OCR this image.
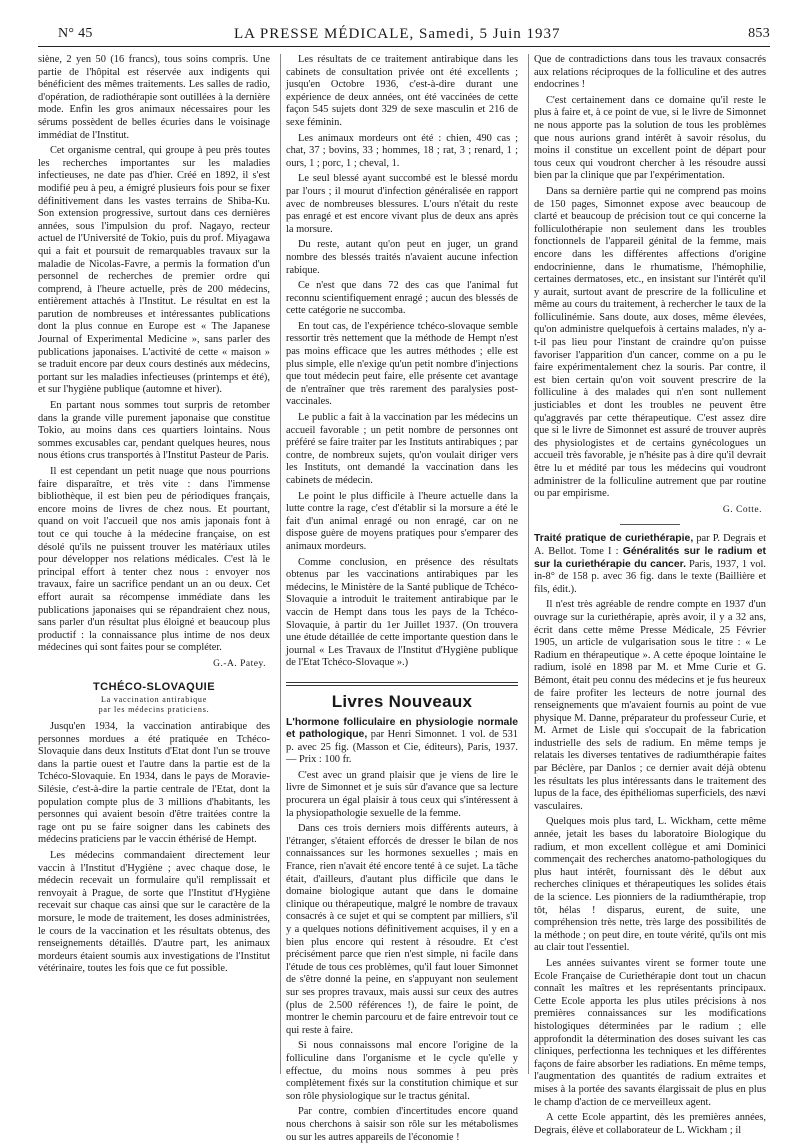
N° 45	LA PRESSE MÉDICALE, Samedi, 5 Juin 1937	853

siène, 2 yen 50 (16 francs), tous soins compris. Une partie de l'hôpital est réservée aux indigents qui bénéficient des mêmes traitements. Les salles de radio, d'opération, de radiothérapie sont outillées à la dernière mode. Enfin les gros animaux nécessaires pour les sérums possèdent de belles écuries dans le voisinage immédiat de l'Institut.

Cet organisme central, qui groupe à peu près toutes les recherches importantes sur les maladies infectieuses, ne date pas d'hier. Créé en 1892, il s'est modifié peu à peu, a émigré plusieurs fois pour se fixer définitivement dans les vastes terrains de Shiba-Ku. Son extension progressive, surtout dans ces dernières années, sous l'impulsion du prof. Nagayo, recteur actuel de l'Université de Tokio, puis du prof. Miyagawa qui a fait et poursuit de remarquables travaux sur la maladie de Nicolas-Favre, a permis la formation d'un personnel de recherches de premier ordre qui comprend, à l'heure actuelle, près de 200 médecins, entièrement attachés à l'Institut. Le résultat en est la parution de nombreuses et intéressantes publications dont la plus connue en Europe est « The Japanese Journal of Experimental Medicine », sans parler des publications japonaises. L'activité de cette « maison » se traduit encore par deux cours destinés aux médecins, portant sur les maladies infectieuses (printemps et été), et sur l'hygiène publique (automne et hiver).

En partant nous sommes tout surpris de retomber dans la grande ville purement japonaise que constitue Tokio, au moins dans ces quartiers lointains. Nous sommes excusables car, pendant quelques heures, nous nous étions crus transportés à l'Institut Pasteur de Paris.

Il est cependant un petit nuage que nous pourrions faire disparaître, et très vite : dans l'immense bibliothèque, il est bien peu de périodiques français, encore moins de livres de chez nous. Et pourtant, quand on voit l'accueil que nos amis japonais font à tout ce qui touche à la médecine française, on est désolé qu'ils ne puissent trouver les matériaux utiles pour développer nos relations médicales. C'est là le principal effort à tenter chez nous : envoyer nos travaux, faire un sacrifice pendant un an ou deux. Cet effort aurait sa récompense immédiate dans les publications japonaises qui se répandraient chez nous, sans parler d'un résultat plus éloigné et beaucoup plus productif : la connaissance plus intime de nos deux médecines qui sont faites pour se compléter.

G.-A. Patey.
TCHÉCO-SLOVAQUIE
La vaccination antirabique
par les médecins praticiens.

Jusqu'en 1934, la vaccination antirabique des personnes mordues a été pratiquée en Tchéco-Slovaquie dans deux Instituts d'Etat dont l'un se trouve dans la partie ouest et l'autre dans la partie est de la Tchéco-Slovaquie. En 1934, dans le pays de Moravie-Silésie, c'est-à-dire la partie centrale de l'Etat, dont la population compte plus de 3 millions d'habitants, les personnes qui avaient besoin d'être traitées contre la rage ont pu se faire soigner dans les cabinets des médecins praticiens par le vaccin éthérisé de Hempt.

Les médecins commandaient directement leur vaccin à l'Institut d'Hygiène ; avec chaque dose, le médecin recevait un formulaire qu'il remplissait et renvoyait à Prague, de sorte que l'Institut d'Hygiène recevait sur chaque cas ainsi que sur le caractère de la morsure, le mode de traitement, les doses administrées, le cours de la vaccination et les résultats obtenus, des renseignements détaillés. D'autre part, les animaux mordeurs étaient soumis aux investigations de l'Institut vétérinaire, toutes les fois que ce fut possible.

Les résultats de ce traitement antirabique dans les cabinets de consultation privée ont été excellents ; jusqu'en Octobre 1936, c'est-à-dire durant une expérience de deux années, ont été vaccinées de cette façon 545 sujets dont 329 de sexe masculin et 216 de sexe féminin.

Les animaux mordeurs ont été : chien, 490 cas ; chat, 37 ; bovins, 33 ; hommes, 18 ; rat, 3 ; renard, 1 ; ours, 1 ; porc, 1 ; cheval, 1.

Le seul blessé ayant succombé est le blessé mordu par l'ours ; il mourut d'infection généralisée en rapport avec de nombreuses blessures. L'ours n'était du reste pas enragé et est encore vivant plus de deux ans après la morsure.

Du reste, autant qu'on peut en juger, un grand nombre des blessés traités n'avaient aucune infection rabique.

Ce n'est que dans 72 des cas que l'animal fut reconnu scientifiquement enragé ; aucun des blessés de cette catégorie ne succomba.

En tout cas, de l'expérience tchéco-slovaque semble ressortir très nettement que la méthode de Hempt n'est pas moins efficace que les autres méthodes ; elle est plus simple, elle n'exige qu'un petit nombre d'injections que tout médecin peut faire, elle présente cet avantage de n'entraîner que très rarement des paralysies post-vaccinales.

Le public a fait à la vaccination par les médecins un accueil favorable ; un petit nombre de personnes ont préféré se faire traiter par les Instituts antirabiques ; par contre, de nombreux sujets, qu'on voulait diriger vers les Instituts, ont demandé la vaccination dans les cabinets de médecin.

Le point le plus difficile à l'heure actuelle dans la lutte contre la rage, c'est d'établir si la morsure a été le fait d'un animal enragé ou non enragé, car on ne dispose guère de moyens pratiques pour s'emparer des animaux mordeurs.

Comme conclusion, en présence des résultats obtenus par les vaccinations antirabiques par les médecins, le Ministère de la Santé publique de Tchéco-Slovaquie a introduit le traitement antirabique par le vaccin de Hempt dans tous les pays de la Tchéco-Slovaquie, à partir du 1er Juillet 1937. (On trouvera une étude détaillée de cette importante question dans le journal « Les Travaux de l'Institut d'Hygiène publique de l'Etat Tchéco-Slovaque ».)

Livres Nouveaux

L'hormone folliculaire en physiologie normale et pathologique, par Henri Simonnet. 1 vol. de 531 p. avec 25 fig. (Masson et Cie, éditeurs), Paris, 1937. — Prix : 100 fr.

C'est avec un grand plaisir que je viens de lire le livre de Simonnet et je suis sûr d'avance que sa lecture procurera un égal plaisir à tous ceux qui s'intéressent à la physiopathologie sexuelle de la femme.

Dans ces trois derniers mois différents auteurs, à l'étranger, s'étaient efforcés de dresser le bilan de nos connaissances sur les hormones sexuelles ; mais en France, rien n'avait été encore tenté à ce sujet. La tâche était, d'ailleurs, d'autant plus difficile que dans le domaine biologique autant que dans le domaine clinique ou thérapeutique, malgré le nombre de travaux consacrés à ce sujet et qui se comptent par milliers, s'il y a quelques notions définitivement acquises, il y en a bien plus encore qui restent à résoudre. Et c'est précisément parce que rien n'est simple, ni facile dans l'étude de tous ces problèmes, qu'il faut louer Simonnet de s'être donné la peine, en s'appuyant non seulement sur ses propres travaux, mais aussi sur ceux des autres (plus de 2.500 références !), de faire le point, de montrer le chemin parcouru et de faire entrevoir tout ce qui reste à faire.

Si nous connaissons mal encore l'origine de la folliculine dans l'organisme et le cycle qu'elle y effectue, du moins nous sommes à peu près complètement fixés sur la constitution chimique et sur son rôle physiologique sur le tractus génital.

Par contre, combien d'incertitudes encore quand nous cherchons à saisir son rôle sur les métabolismes ou sur les autres appareils de l'économie !

Que de contradictions dans tous les travaux consacrés aux relations réciproques de la folliculine et des autres endocrines !

C'est certainement dans ce domaine qu'il reste le plus à faire et, à ce point de vue, si le livre de Simonnet ne nous apporte pas la solution de tous les problèmes que nous aurions grand intérêt à savoir résolus, du moins il constitue un excellent point de départ pour tous ceux qui voudront chercher à les résoudre aussi bien par la clinique que par l'expérimentation.

Dans sa dernière partie qui ne comprend pas moins de 150 pages, Simonnet expose avec beaucoup de clarté et beaucoup de précision tout ce qui concerne la folliculothérapie non seulement dans les troubles fonctionnels de l'appareil génital de la femme, mais encore dans les différentes affections d'origine endocrinienne, dans le rhumatisme, l'hémophilie, certaines dermatoses, etc., en insistant sur l'intérêt qu'il y aurait, surtout avant de prescrire de la folliculine et même au cours du traitement, à rechercher le taux de la folliculinémie. Sans doute, aux doses, même élevées, qu'on administre quelquefois à certains malades, n'y a-t-il pas lieu pour l'instant de craindre qu'on puisse favoriser l'apparition d'un cancer, comme on a pu le faire expérimentalement chez la souris. Par contre, il est bien certain qu'on voit souvent prescrire de la folliculine à des malades qui n'en sont nullement justiciables et dont les troubles ne peuvent être qu'aggravés par cette thérapeutique. C'est assez dire que si le livre de Simonnet est assuré de trouver auprès des physiologistes et de certains gynécologues un accueil très favorable, je n'hésite pas à dire qu'il devrait être lu et médité par tous les médecins qui voudront administrer de la folliculine autrement que par routine ou par empirisme.

G. Cotte.

Traité pratique de curiethérapie, par P. Degrais et A. Bellot. Tome I : Généralités sur le radium et sur la curiethérapie du cancer. Paris, 1937, 1 vol. in-8° de 158 p. avec 36 fig. dans le texte (Baillière et fils, édit.).

Il n'est très agréable de rendre compte en 1937 d'un ouvrage sur la curiethérapie, après avoir, il y a 32 ans, écrit dans cette même Presse Médicale, 25 Février 1905, un article de vulgarisation sous le titre : « Le Radium en thérapeutique ». A cette époque lointaine le radium, isolé en 1898 par M. et Mme Curie et G. Bémont, était peu connu des médecins et je fus heureux de faire profiter les lecteurs de notre journal des renseignements que m'avaient fournis au point de vue physique M. Danne, préparateur du professeur Curie, et M. Armet de Lisle qui s'occupait de la fabrication industrielle des sels de radium. En même temps je relatais les diverses tentatives de radiumthérapie faites par Béclère, par Danlos ; ce dernier avait déjà obtenu les résultats les plus intéressants dans le traitement des lupus de la face, des épithéliomas superficiels, des nævi vasculaires.

Quelques mois plus tard, L. Wickham, cette même année, jetait les bases du laboratoire Biologique du radium, et mon excellent collègue et ami Dominici commençait des recherches anatomo-pathologiques du plus haut intérêt, fournissant dès le début aux recherches cliniques et thérapeutiques les solides étais de la science. Les pionniers de la radiumthérapie, trop tôt, hélas ! disparus, eurent, de suite, une compréhension très nette, très large des possibilités de la méthode ; on peut dire, en toute vérité, qu'ils ont mis au clair tout l'essentiel.

Les années suivantes virent se former toute une Ecole Française de Curiethérapie dont tout un chacun connaît les maîtres et les représentants principaux. Cette Ecole apporta les plus utiles précisions à nos premières connaissances sur les modifications histologiques déterminées par le radium ; elle approfondit la détermination des doses suivant les cas cliniques, perfectionna les techniques et les différentes façons de faire absorber les radiations. En même temps, l'augmentation des quantités de radium extraites et mises à la portée des savants élargissait de plus en plus le champ d'action de ce merveilleux agent.

A cette Ecole appartint, dès les premières années, Degrais, élève et collaborateur de L. Wickham ; il
